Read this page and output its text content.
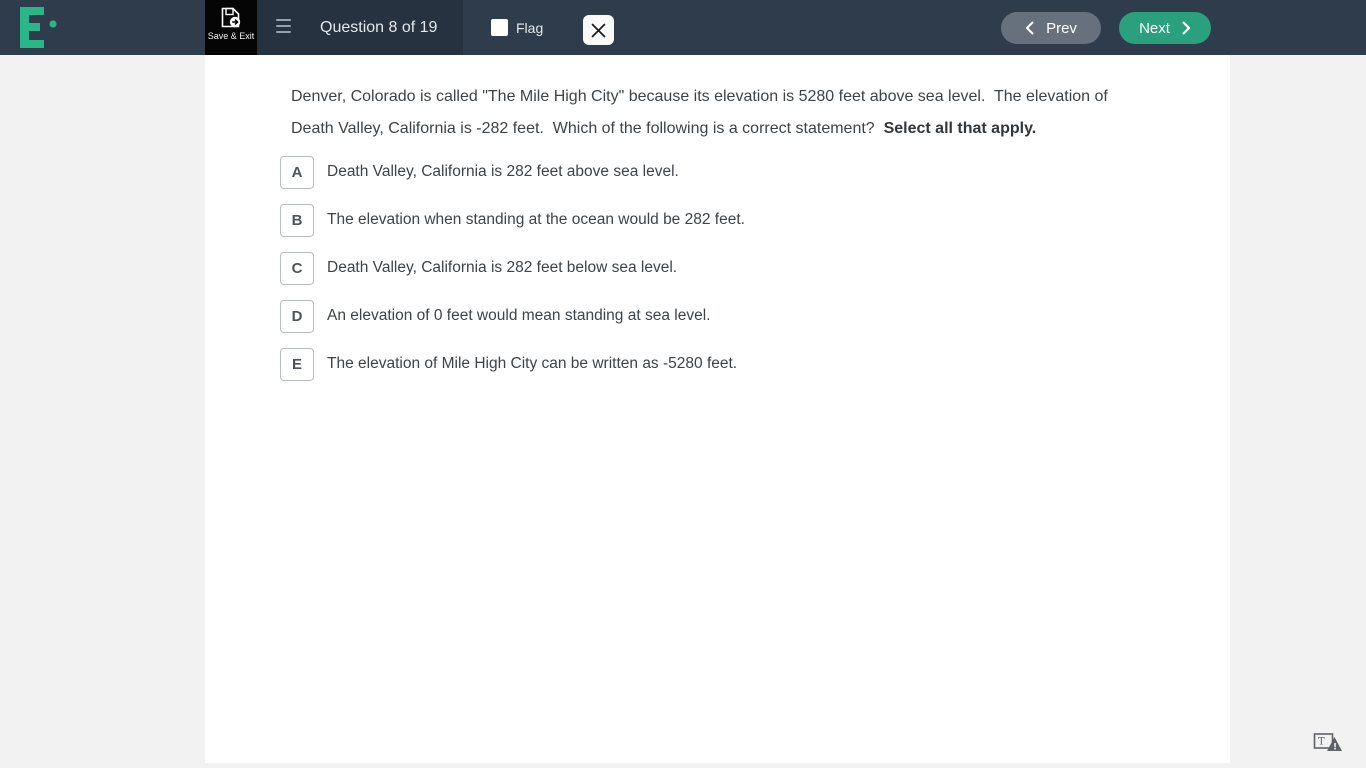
Save & Exit	Question 8 of 19	Flag	Prev	Next

Denver, Colorado is called "The Mile High City" because its elevation is 5280 feet above sea level.  The elevation of Death Valley, California is -282 feet.  Which of the following is a correct statement?  Select all that apply.

A	Death Valley, California is 282 feet above sea level.
B	The elevation when standing at the ocean would be 282 feet.
C	Death Valley, California is 282 feet below sea level.
D	An elevation of 0 feet would mean standing at sea level.
E	The elevation of Mile High City can be written as -5280 feet.
T !
